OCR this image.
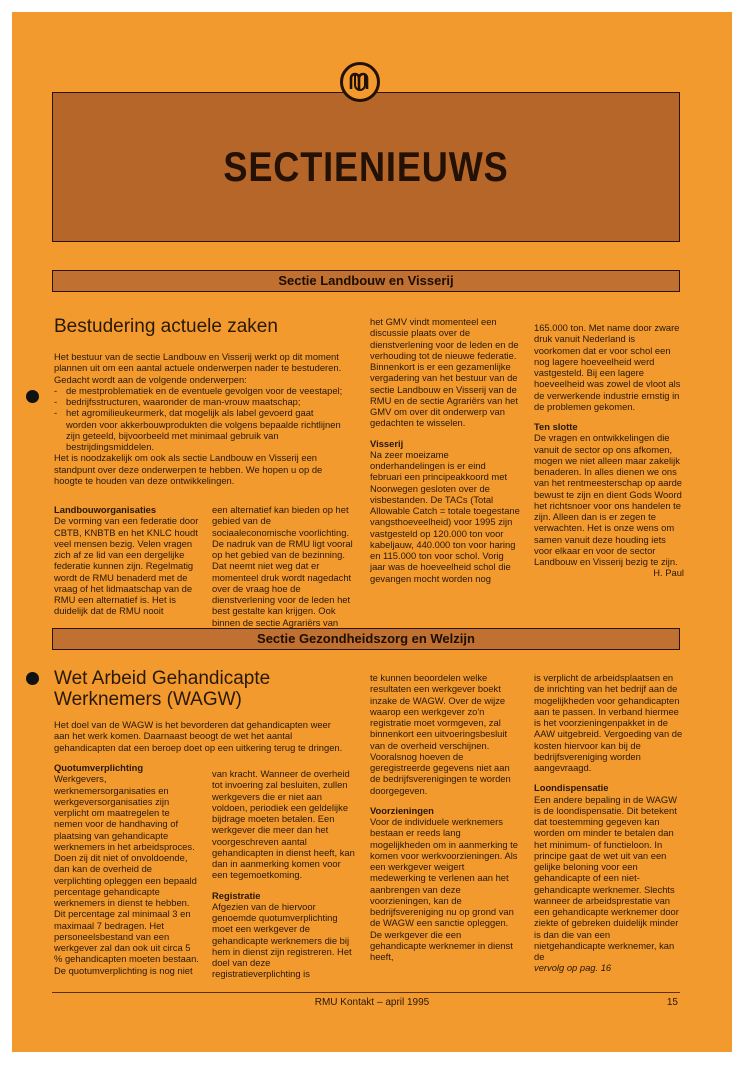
SECTIENIEUWS
Sectie Landbouw en Visserij
Bestudering actuele zaken

Het bestuur van de sectie Landbouw en Visserij werkt op dit moment plannen uit om een aantal actuele onderwerpen nader te bestuderen. Gedacht wordt aan de volgende onderwerpen:

- de mestproblematiek en de eventuele gevolgen voor de veestapel;
- bedrijfsstructuren, waaronder de man-vrouw maatschap;
- het agromilieukeurmerk, dat mogelijk als label gevoerd gaat worden voor akkerbouwprodukten die volgens bepaalde richtlijnen zijn geteeld, bijvoorbeeld met minimaal gebruik van bestrijdingsmiddelen.

Het is noodzakelijk om ook als sectie Landbouw en Visserij een standpunt over deze onderwerpen te hebben. We hopen u op de hoogte te houden van deze ontwikkelingen.

Landbouworganisaties

De vorming van een federatie door CBTB, KNBTB en het KNLC houdt veel mensen bezig. Velen vragen zich af ze lid van een dergelijke federatie kunnen zijn. Regelmatig wordt de RMU benaderd met de vraag of het lidmaatschap van de RMU een alternatief is. Het is duidelijk dat de RMU nooit

een alternatief kan bieden op het gebied van de sociaaleconomische voorlichting. De nadruk van de RMU ligt vooral op het gebied van de bezinning. Dat neemt niet weg dat er momenteel druk wordt nagedacht over de vraag hoe de dienstverlening voor de leden het best gestalte kan krijgen. Ook binnen de sectie Agrariërs van

het GMV vindt momenteel een discussie plaats over de dienstverlening voor de leden en de verhouding tot de nieuwe federatie. Binnenkort is er een gezamenlijke vergadering van het bestuur van de sectie Landbouw en Visserij van de RMU en de sectie Agrariërs van het GMV om over dit onderwerp van gedachten te wisselen.

Visserij

Na zeer moeizame onderhandelingen is er eind februari een principeakkoord met Noorwegen gesloten over de visbestanden. De TACs (Total Allowable Catch = totale toegestane vangsthoeveelheid) voor 1995 zijn vastgesteld op 120.000 ton voor kabeljauw, 440.000 ton voor haring en 115.000 ton voor schol. Vorig jaar was de hoeveelheid schol die gevangen mocht worden nog

165.000 ton. Met name door zware druk vanuit Nederland is voorkomen dat er voor schol een nog lagere hoeveelheid werd vastgesteld. Bij een lagere hoeveelheid was zowel de vloot als de verwerkende industrie ernstig in de problemen gekomen.

Ten slotte

De vragen en ontwikkelingen die vanuit de sector op ons afkomen, mogen we niet alleen maar zakelijk benaderen. In alles dienen we ons van het rentmeesterschap op aarde bewust te zijn en dient Gods Woord het richtsnoer voor ons handelen te zijn. Alleen dan is er zegen te verwachten. Het is onze wens om samen vanuit deze houding iets voor elkaar en voor de sector Landbouw en Visserij bezig te zijn.

H. Paul

Sectie Gezondheidszorg en Welzijn
Wet Arbeid Gehandicapte Werknemers (WAGW)

Het doel van de WAGW is het bevorderen dat gehandicapten weer aan het werk komen. Daarnaast beoogt de wet het aantal gehandicapten dat een beroep doet op een uitkering terug te dringen.

Quotumverplichting

Werkgevers, werknemersorganisaties en werkgeversorganisaties zijn verplicht om maatregelen te nemen voor de handhaving of plaatsing van gehandicapte werknemers in het arbeidsproces. Doen zij dit niet of onvoldoende, dan kan de overheid de verplichting opleggen een bepaald percentage gehandicapte werknemers in dienst te hebben. Dit percentage zal minimaal 3 en maximaal 7 bedragen. Het personeelsbestand van een werkgever zal dan ook uit circa 5 % gehandicapten moeten bestaan. De quotumverplichting is nog niet

van kracht. Wanneer de overheid tot invoering zal besluiten, zullen werkgevers die er niet aan voldoen, periodiek een geldelijke bijdrage moeten betalen. Een werkgever die meer dan het voorgeschreven aantal gehandicapten in dienst heeft, kan dan in aanmerking komen voor een tegemoetkoming.

Registratie

Afgezien van de hiervoor genoemde quotumverplichting moet een werkgever de gehandicapte werknemers die bij hem in dienst zijn registreren. Het doel van deze registratieverplichting is

te kunnen beoordelen welke resultaten een werkgever boekt inzake de WAGW. Over de wijze waarop een werkgever zo'n registratie moet vormgeven, zal binnenkort een uitvoeringsbesluit van de overheid verschijnen. Vooralsnog hoeven de geregistreerde gegevens niet aan de bedrijfsverenigingen te worden doorgegeven.

Voorzieningen

Voor de individuele werknemers bestaan er reeds lang mogelijkheden om in aanmerking te komen voor werkvoorzieningen. Als een werkgever weigert medewerking te verlenen aan het aanbrengen van deze voorzieningen, kan de bedrijfsvereniging nu op grond van de WAGW een sanctie opleggen. De werkgever die een gehandicapte werknemer in dienst heeft,

is verplicht de arbeidsplaatsen en de inrichting van het bedrijf aan de mogelijkheden voor gehandicapten aan te passen. In verband hiermee is het voorzieningenpakket in de AAW uitgebreid. Vergoeding van de kosten hiervoor kan bij de bedrijfsvereniging worden aangevraagd.

Loondispensatie

Een andere bepaling in de WAGW is de loondispensatie. Dit betekent dat toestemming gegeven kan worden om minder te betalen dan het minimum- of functieloon. In principe gaat de wet uit van een gelijke beloning voor een gehandicapte of een niet-gehandicapte werknemer. Slechts wanneer de arbeidsprestatie van een gehandicapte werknemer door ziekte of gebreken duidelijk minder is dan die van een nietgehandicapte werknemer, kan de

vervolg op pag. 16

RMU Kontakt – april 1995	15
